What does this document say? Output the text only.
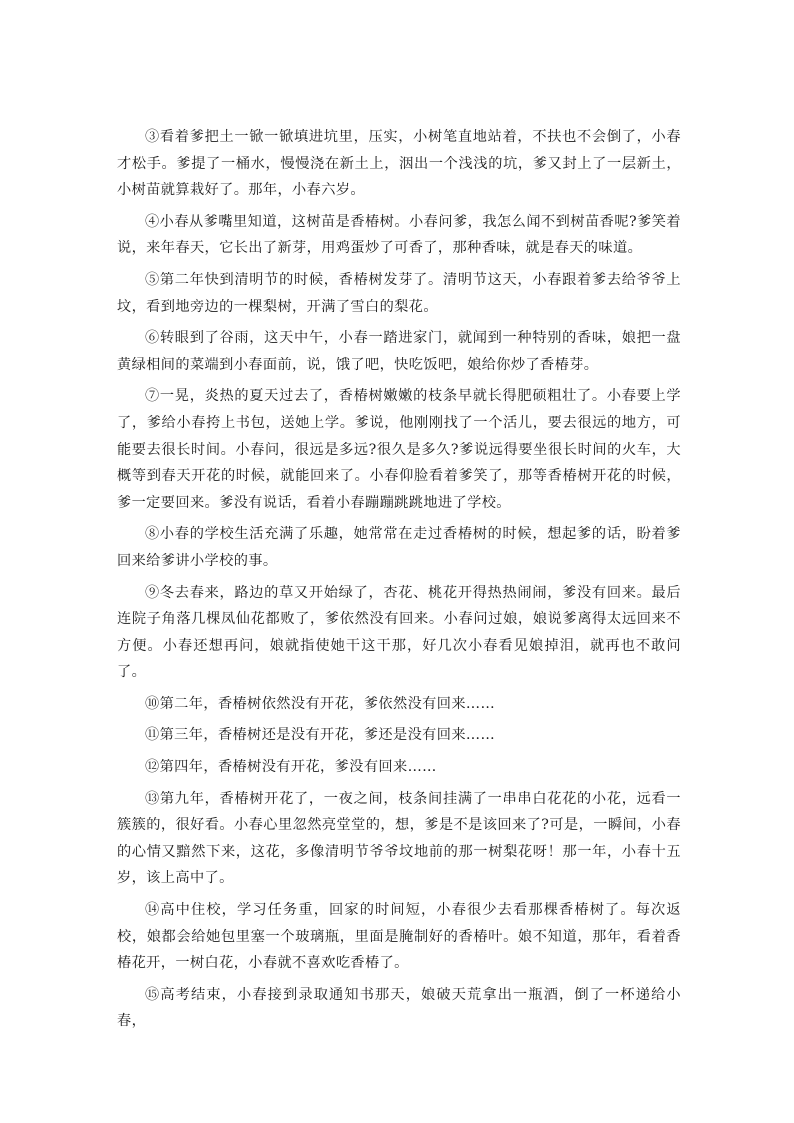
③看着爹把土一锨一锨填进坑里，压实，小树笔直地站着，不扶也不会倒了，小春才松手。爹提了一桶水，慢慢浇在新土上，洇出一个浅浅的坑，爹又封上了一层新土，小树苗就算栽好了。那年，小春六岁。

④小春从爹嘴里知道，这树苗是香椿树。小春问爹，我怎么闻不到树苗香呢?爹笑着说，来年春天，它长出了新芽，用鸡蛋炒了可香了，那种香味，就是春天的味道。

⑤第二年快到清明节的时候，香椿树发芽了。清明节这天，小春跟着爹去给爷爷上坟，看到地旁边的一棵梨树，开满了雪白的梨花。

⑥转眼到了谷雨，这天中午，小春一踏进家门，就闻到一种特别的香味，娘把一盘黄绿相间的菜端到小春面前，说，饿了吧，快吃饭吧，娘给你炒了香椿芽。

⑦一晃，炎热的夏天过去了，香椿树嫩嫩的枝条早就长得肥硕粗壮了。小春要上学了，爹给小春挎上书包，送她上学。爹说，他刚刚找了一个活儿，要去很远的地方，可能要去很长时间。小春问，很远是多远?很久是多久?爹说远得要坐很长时间的火车，大概等到春天开花的时候，就能回来了。小春仰脸看着爹笑了，那等香椿树开花的时候，爹一定要回来。爹没有说话，看着小春蹦蹦跳跳地进了学校。

⑧小春的学校生活充满了乐趣，她常常在走过香椿树的时候，想起爹的话，盼着爹回来给爹讲小学校的事。

⑨冬去春来，路边的草又开始绿了，杏花、桃花开得热热闹闹，爹没有回来。最后连院子角落几棵凤仙花都败了，爹依然没有回来。小春问过娘，娘说爹离得太远回来不方便。小春还想再问，娘就指使她干这干那，好几次小春看见娘掉泪，就再也不敢问了。

⑩第二年，香椿树依然没有开花，爹依然没有回来……

⑪第三年，香椿树还是没有开花，爹还是没有回来……

⑫第四年，香椿树没有开花，爹没有回来……

⑬第九年，香椿树开花了，一夜之间，枝条间挂满了一串串白花花的小花，远看一簇簇的，很好看。小春心里忽然亮堂堂的，想，爹是不是该回来了?可是，一瞬间，小春的心情又黯然下来，这花，多像清明节爷爷坟地前的那一树梨花呀！那一年，小春十五岁，该上高中了。

⑭高中住校，学习任务重，回家的时间短，小春很少去看那棵香椿树了。每次返校，娘都会给她包里塞一个玻璃瓶，里面是腌制好的香椿叶。娘不知道，那年，看着香椿花开，一树白花，小春就不喜欢吃香椿了。

⑮高考结束，小春接到录取通知书那天，娘破天荒拿出一瓶酒，倒了一杯递给小春，
